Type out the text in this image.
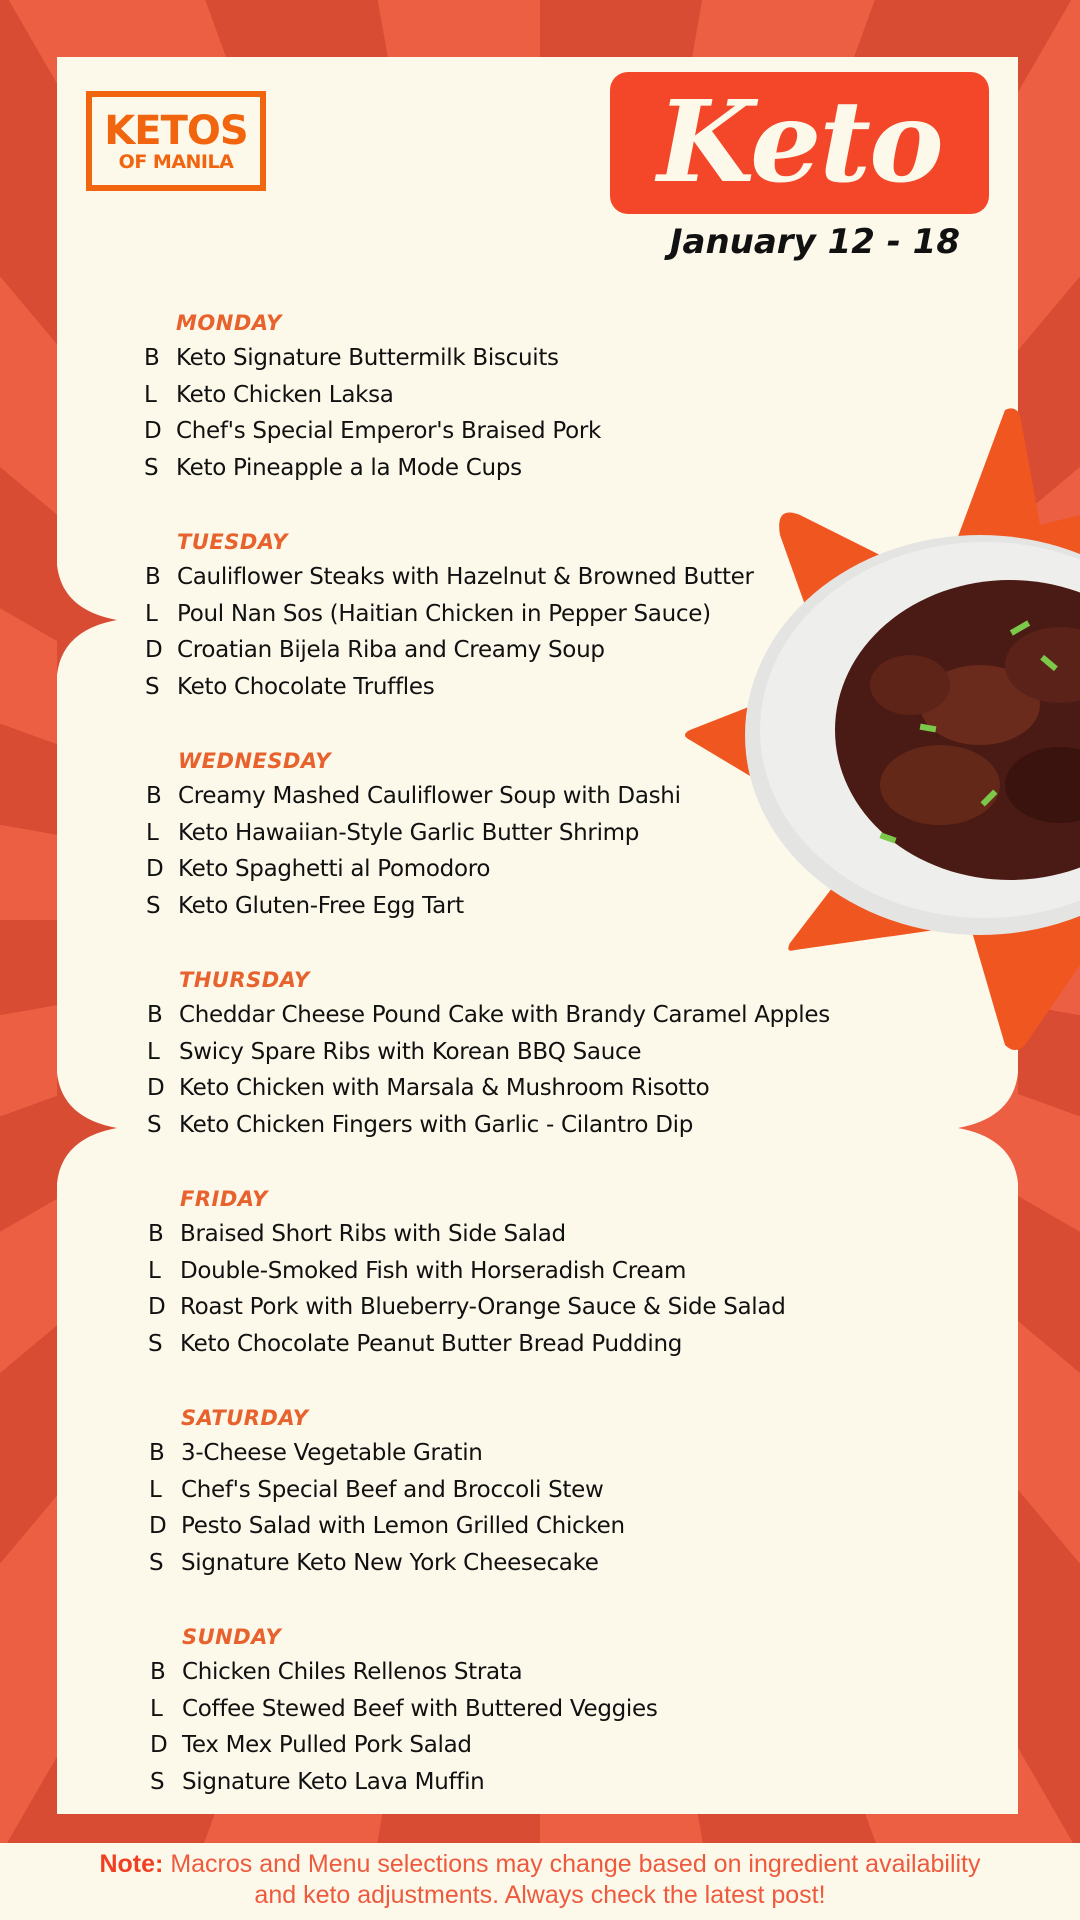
KETOS
OF MANILA	Keto
January 12 - 18
MONDAY
B Keto Signature Buttermilk Biscuits
L Keto Chicken Laksa
D Chef's Special Emperor's Braised Pork
S Keto Pineapple a la Mode Cups
TUESDAY
B Cauliflower Steaks with Hazelnut & Browned Butter
L Poul Nan Sos (Haitian Chicken in Pepper Sauce)
D Croatian Bijela Riba and Creamy Soup
S Keto Chocolate Truffles
WEDNESDAY
B Creamy Mashed Cauliflower Soup with Dashi
L Keto Hawaiian-Style Garlic Butter Shrimp
D Keto Spaghetti al Pomodoro
S Keto Gluten-Free Egg Tart
THURSDAY
B Cheddar Cheese Pound Cake with Brandy Caramel Apples
L Swicy Spare Ribs with Korean BBQ Sauce
D Keto Chicken with Marsala & Mushroom Risotto
S Keto Chicken Fingers with Garlic - Cilantro Dip
FRIDAY
B Braised Short Ribs with Side Salad
L Double-Smoked Fish with Horseradish Cream
D Roast Pork with Blueberry-Orange Sauce & Side Salad
S Keto Chocolate Peanut Butter Bread Pudding
SATURDAY
B 3-Cheese Vegetable Gratin
L Chef's Special Beef and Broccoli Stew
D Pesto Salad with Lemon Grilled Chicken
S Signature Keto New York Cheesecake
SUNDAY
B Chicken Chiles Rellenos Strata
L Coffee Stewed Beef with Buttered Veggies
D Tex Mex Pulled Pork Salad
S Signature Keto Lava Muffin
Note: Macros and Menu selections may change based on ingredient availability
and keto adjustments. Always check the latest post!
